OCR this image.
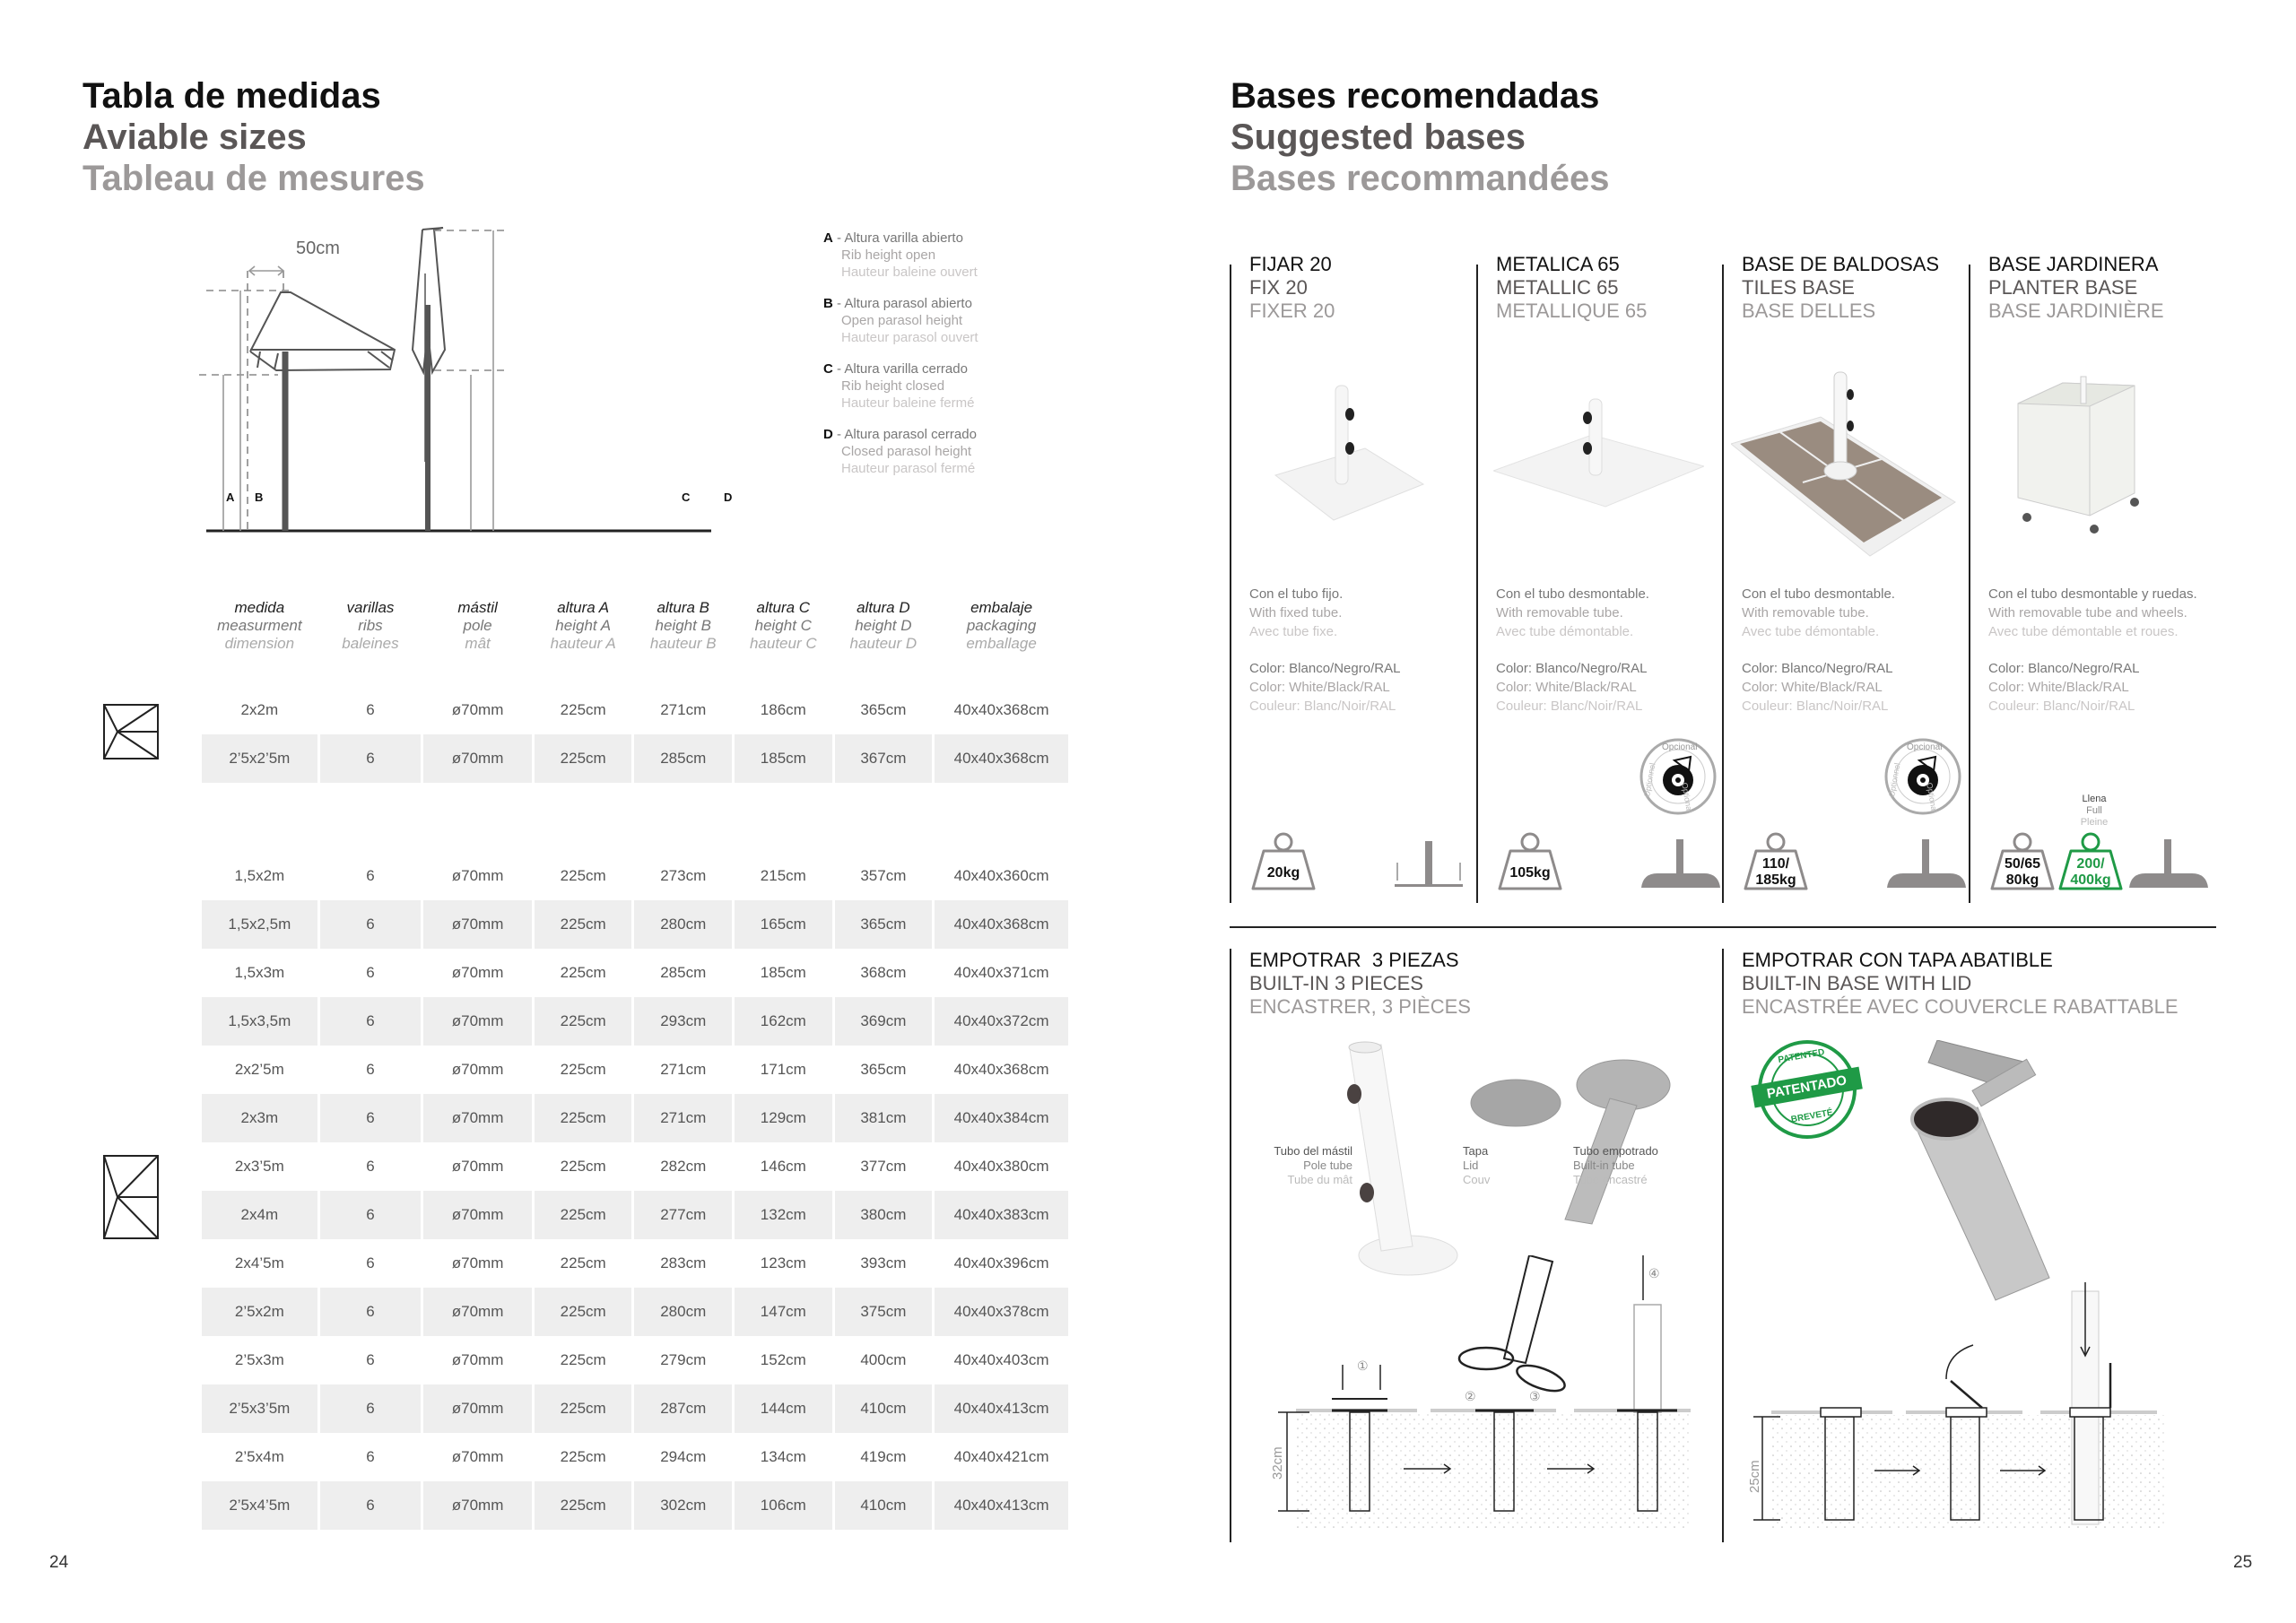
Tabla de medidas
Aviable sizes
Tableau de mesures
50cm
A B	C	D
A - Altura varilla abierto
Rib height open
Hauteur baleine ouvert
B - Altura parasol abierto
Open parasol height
Hauteur parasol ouvert
C - Altura varilla cerrado
Rib height closed
Hauteur baleine fermé
D - Altura parasol cerrado
Closed parasol height
Hauteur parasol fermé
medida
measurment
dimension

varillas
ribs
baleines

mástil
pole
mât

altura A
height A
hauteur A

altura B
height B
hauteur B

altura C
height C
hauteur C

altura D
height D
hauteur D

embalaje
packaging
emballage
2x2m	6	ø70mm	225cm	271cm	186cm	365cm	40x40x368cm
2’5x2’5m	6	ø70mm	225cm	285cm	185cm	367cm	40x40x368cm
1,5x2m	6	ø70mm	225cm	273cm	215cm	357cm	40x40x360cm
1,5x2,5m	6	ø70mm	225cm	280cm	165cm	365cm	40x40x368cm
1,5x3m	6	ø70mm	225cm	285cm	185cm	368cm	40x40x371cm
1,5x3,5m	6	ø70mm	225cm	293cm	162cm	369cm	40x40x372cm
2x2’5m	6	ø70mm	225cm	271cm	171cm	365cm	40x40x368cm
2x3m	6	ø70mm	225cm	271cm	129cm	381cm	40x40x384cm
2x3’5m	6	ø70mm	225cm	282cm	146cm	377cm	40x40x380cm
2x4m	6	ø70mm	225cm	277cm	132cm	380cm	40x40x383cm
2x4’5m	6	ø70mm	225cm	283cm	123cm	393cm	40x40x396cm
2’5x2m	6	ø70mm	225cm	280cm	147cm	375cm	40x40x378cm
2’5x3m	6	ø70mm	225cm	279cm	152cm	400cm	40x40x403cm
2’5x3’5m	6	ø70mm	225cm	287cm	144cm	410cm	40x40x413cm
2’5x4m	6	ø70mm	225cm	294cm	134cm	419cm	40x40x421cm
2’5x4’5m	6	ø70mm	225cm	302cm	106cm	410cm	40x40x413cm
24
Bases recomendadas
Suggested bases
Bases recommandées
FIJAR 20
FIX 20
FIXER 20
Con el tubo fijo.
With fixed tube.
Avec tube fixe.
Color: Blanco/Negro/RAL
Color: White/Black/RAL
Couleur: Blanc/Noir/RAL
20kg
METALICA 65
METALLIC 65
METALLIQUE 65
Con el tubo desmontable.
With removable tube.
Avec tube démontable.
Color: Blanco/Negro/RAL
Color: White/Black/RAL
Couleur: Blanc/Noir/RAL
105kg
BASE DE BALDOSAS
TILES BASE
BASE DELLES
Con el tubo desmontable.
With removable tube.
Avec tube démontable.
Color: Blanco/Negro/RAL
Color: White/Black/RAL
Couleur: Blanc/Noir/RAL
110/
185kg
BASE JARDINERA
PLANTER BASE
BASE JARDINIÈRE
Con el tubo desmontable y ruedas.
With removable tube and wheels.
Avec tube démontable et roues.
Color: Blanco/Negro/RAL
Color: White/Black/RAL
Couleur: Blanc/Noir/RAL
50/65
80kg
200/
400kg
Opcional
Optional
Optionnel
Opcional
Optional
Optionnel
Llena
Full
Pleine
EMPOTRAR  3 PIEZAS
BUILT-IN 3 PIECES
ENCASTRER, 3 PIÈCES
Tubo del mástil
Pole tube
Tube du mât
Tapa
Lid
Couv
Tubo empotrado
Built-in tube
Tube encastré
①
②	③
④
32cm
EMPOTRAR CON TAPA ABATIBLE
BUILT-IN BASE WITH LID
ENCASTRÉE AVEC COUVERCLE RABATTABLE
PATENTED
PATENTADO
BREVETÉ
25cm
25
